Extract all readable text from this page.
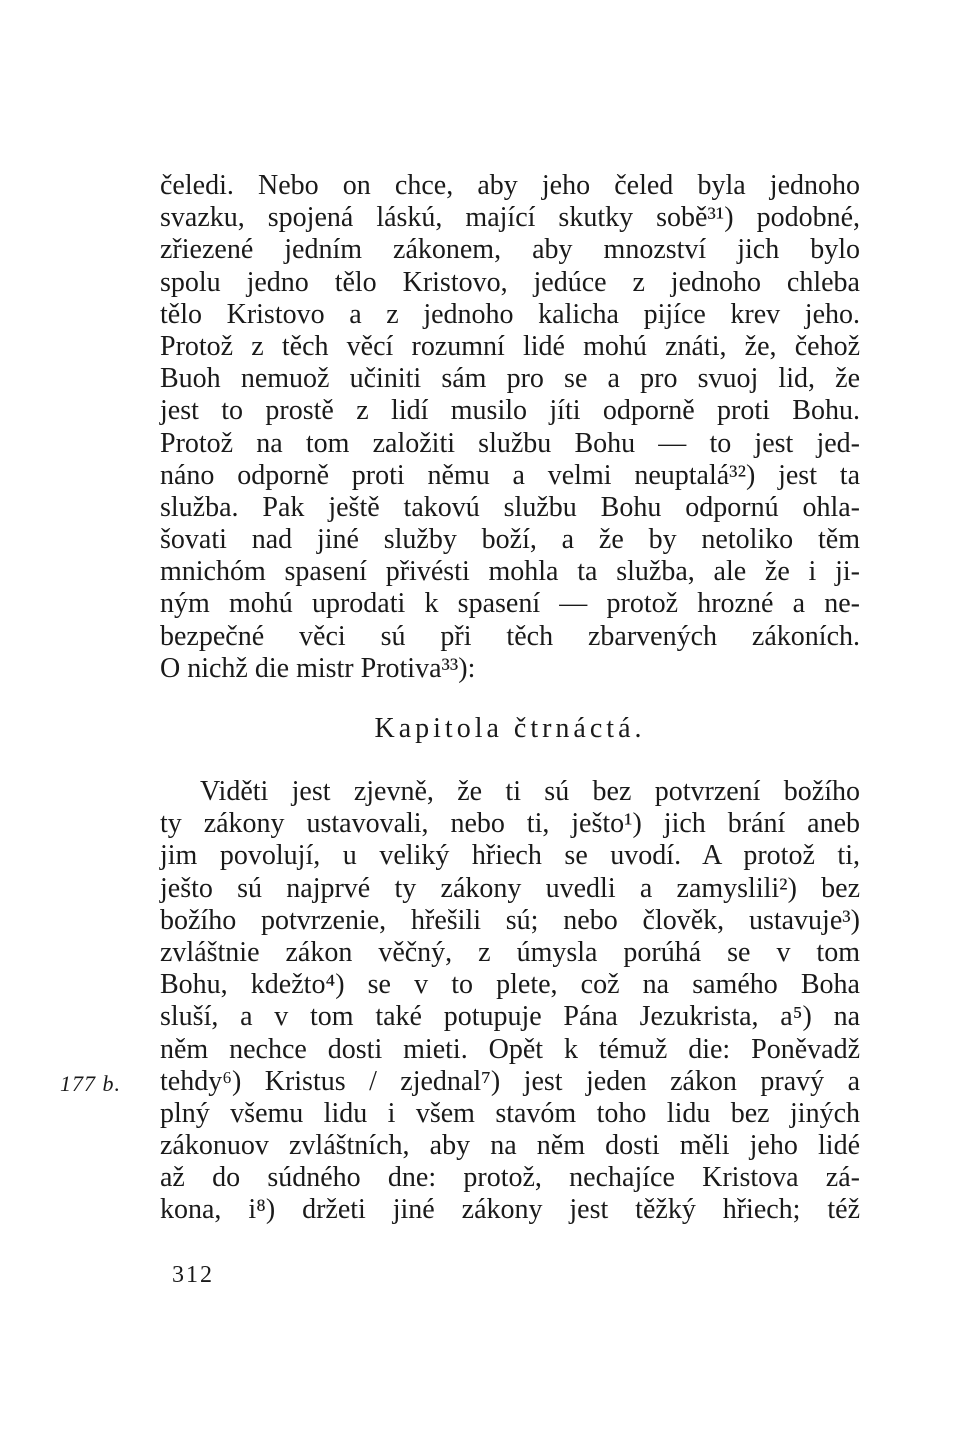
čeledi. Nebo on chce, aby jeho čeled byla jednoho
svazku, spojená láskú, mající skutky sobě³¹) podobné,
zřiezené jedním zákonem, aby mnozství jich bylo
spolu jedno tělo Kristovo, jedúce z jednoho chleba
tělo Kristovo a z jednoho kalicha pijíce krev jeho.
Protož z těch věcí rozumní lidé mohú znáti, že, čehož
Buoh nemuož učiniti sám pro se a pro svuoj lid, že
jest to prostě z lidí musilo jíti odporně proti Bohu.
Protož na tom založiti službu Bohu — to jest jed-
náno odporně proti němu a velmi neuptalá³²) jest ta
služba. Pak ještě takovú službu Bohu odpornú ohla-
šovati nad jiné služby boží, a že by netoliko těm
mnichóm spasení přivésti mohla ta služba, ale že i ji-
ným mohú uprodati k spasení — protož hrozné a ne-
bezpečné věci sú při těch zbarvených zákoních.
O nichž die mistr Protiva³³):
Kapitola čtrnáctá.
Viděti jest zjevně, že ti sú bez potvrzení božího
ty zákony ustavovali, nebo ti, ješto¹) jich brání aneb
jim povolují, u veliký hřiech se uvodí. A protož ti,
ješto sú najprvé ty zákony uvedli a zamyslili²) bez
božího potvrzenie, hřešili sú; nebo člověk, ustavuje³)
zvláštnie zákon věčný, z úmysla porúhá se v tom
Bohu, kdežto⁴) se v to plete, což na samého Boha
sluší, a v tom také potupuje Pána Jezukrista, a⁵) na
něm nechce dosti mieti. Opět k témuž die: Poněvadž
tehdy⁶) Kristus / zjednal⁷) jest jeden zákon pravý a
plný všemu lidu i všem stavóm toho lidu bez jiných
zákonuov zvláštních, aby na něm dosti měli jeho lidé
až do súdného dne: protož, nechajíce Kristova zá-
kona, i⁸) držeti jiné zákony jest těžký hřiech; též
177 b.
312
